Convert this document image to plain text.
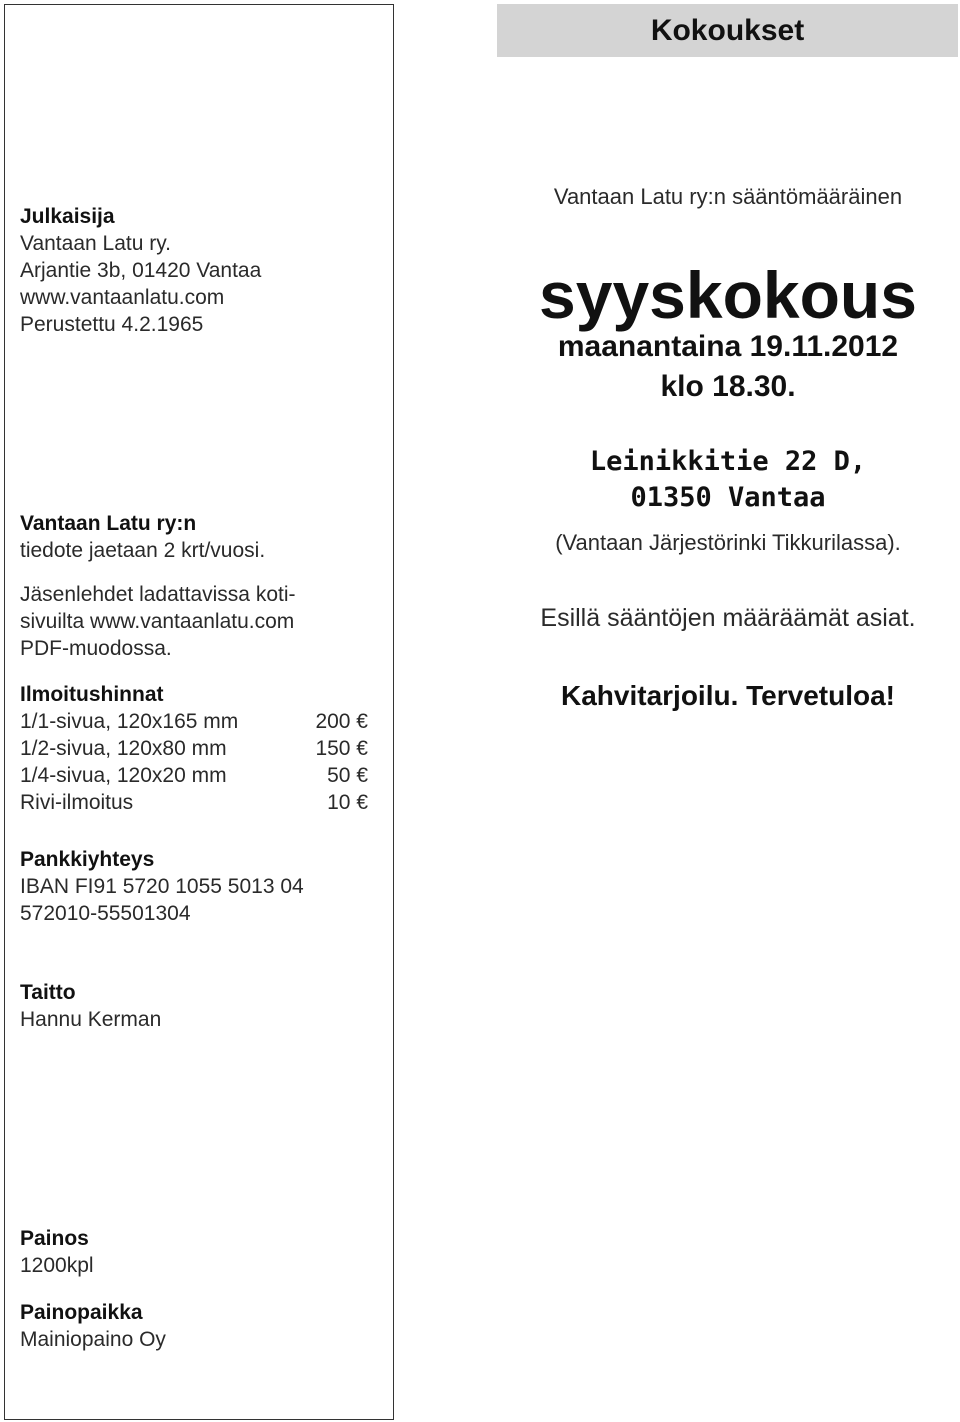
Julkaisija
Vantaan Latu ry.
Arjantie 3b, 01420 Vantaa
www.vantaanlatu.com
Perustettu 4.2.1965
Vantaan Latu ry:n
tiedote jaetaan 2 krt/vuosi.
Jäsenlehdet ladattavissa koti-
sivuilta www.vantaanlatu.com
PDF-muodossa.
Ilmoitushinnat
1/1-sivua, 120x165 mm	200 €
1/2-sivua, 120x80 mm	150 €
1/4-sivua, 120x20 mm	50 €
Rivi-ilmoitus	10 €
Pankkiyhteys
IBAN FI91 5720 1055 5013 04
572010-55501304
Taitto
Hannu Kerman
Painos
1200kpl
Painopaikka
Mainiopaino Oy
Kokoukset
Vantaan Latu ry:n sääntömääräinen
syyskokous
maanantaina 19.11.2012
klo 18.30.
Leinikkitie 22 D,
01350 Vantaa
(Vantaan Järjestörinki Tikkurilassa).
Esillä sääntöjen määräämät asiat.
Kahvitarjoilu. Tervetuloa!
